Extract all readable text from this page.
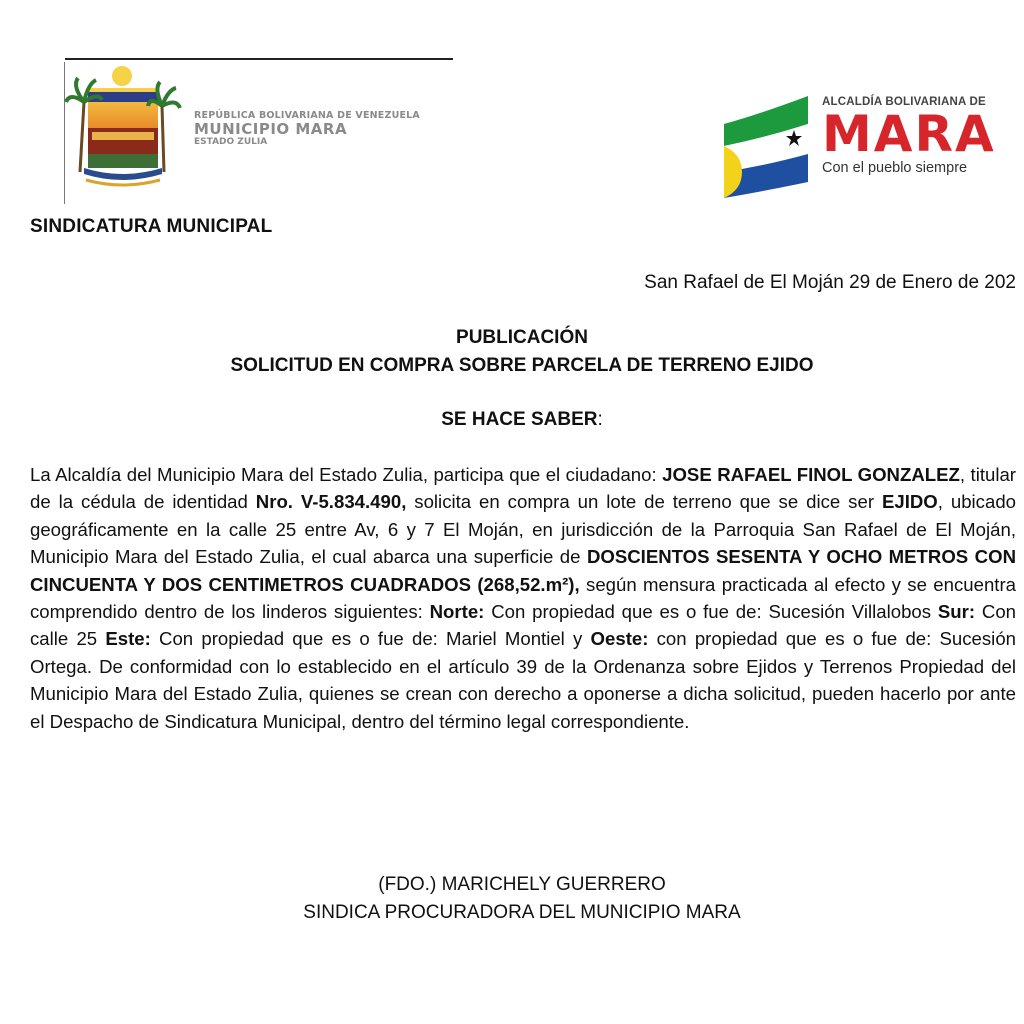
REPÚBLICA BOLIVARIANA DE VENEZUELA
MUNICIPIO MARA
ESTADO ZULIA
ALCALDÍA BOLIVARIANA DE
MARA
Con el pueblo siempre
SINDICATURA MUNICIPAL
San Rafael de El Moján 29 de Enero de 202
PUBLICACIÓN
SOLICITUD EN COMPRA SOBRE PARCELA DE TERRENO EJIDO
SE HACE SABER:
La Alcaldía del Municipio Mara del Estado Zulia, participa que el ciudadano: JOSE RAFAEL FINOL GONZALEZ, titular de la cédula de identidad Nro. V-5.834.490, solicita en compra un lote de terreno que se dice ser EJIDO, ubicado geográficamente en la calle 25 entre Av, 6 y 7 El Moján, en jurisdicción de la Parroquia San Rafael de El Moján, Municipio Mara del Estado Zulia, el cual abarca una superficie de DOSCIENTOS SESENTA Y OCHO METROS CON CINCUENTA Y DOS CENTIMETROS CUADRADOS (268,52.m²), según mensura practicada al efecto y se encuentra comprendido dentro de los linderos siguientes: Norte: Con propiedad que es o fue de: Sucesión Villalobos Sur: Con calle 25 Este: Con propiedad que es o fue de: Mariel Montiel y Oeste: con propiedad que es o fue de: Sucesión Ortega. De conformidad con lo establecido en el artículo 39 de la Ordenanza sobre Ejidos y Terrenos Propiedad del Municipio Mara del Estado Zulia, quienes se crean con derecho a oponerse a dicha solicitud, pueden hacerlo por ante el Despacho de Sindicatura Municipal, dentro del término legal correspondiente.
(FDO.) MARICHELY GUERRERO
SINDICA PROCURADORA DEL MUNICIPIO MARA
